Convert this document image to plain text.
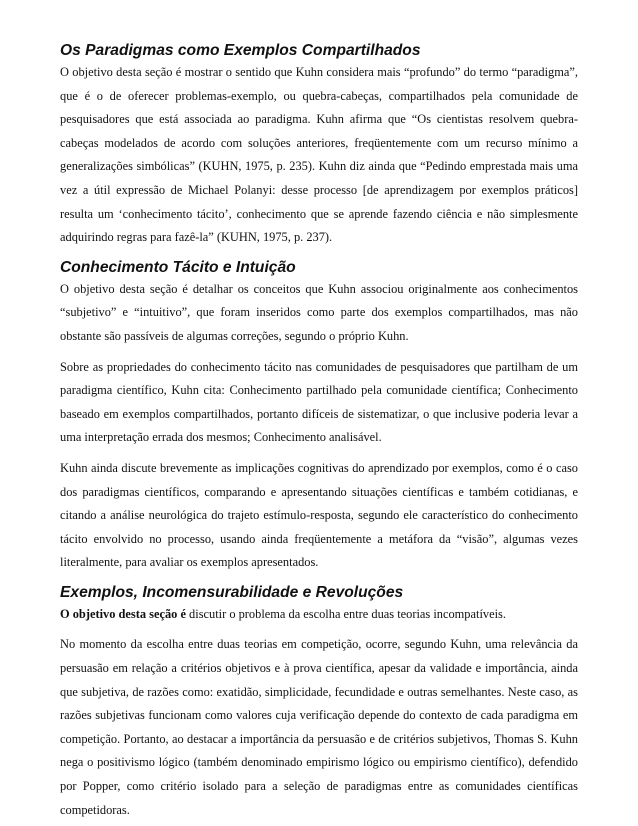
Os Paradigmas como Exemplos Compartilhados

O objetivo desta seção é mostrar o sentido que Kuhn considera mais “profundo” do termo “paradigma”, que é o de oferecer problemas-exemplo, ou quebra-cabeças, compartilhados pela comunidade de pesquisadores que está associada ao paradigma. Kuhn afirma que “Os cientistas resolvem quebra-cabeças modelados de acordo com soluções anteriores, freqüentemente com um recurso mínimo a generalizações simbólicas” (KUHN, 1975, p. 235). Kuhn diz ainda que “Pedindo emprestada mais uma vez a útil expressão de Michael Polanyi: desse processo [de aprendizagem por exemplos práticos] resulta um ‘conhecimento tácito’, conhecimento que se aprende fazendo ciência e não simplesmente adquirindo regras para fazê-la” (KUHN, 1975, p. 237).

Conhecimento Tácito e Intuição

O objetivo desta seção é detalhar os conceitos que Kuhn associou originalmente aos conhecimentos “subjetivo” e “intuitivo”, que foram inseridos como parte dos exemplos compartilhados, mas não obstante são passíveis de algumas correções, segundo o próprio Kuhn.

Sobre as propriedades do conhecimento tácito nas comunidades de pesquisadores que partilham de um paradigma científico, Kuhn cita: Conhecimento partilhado pela comunidade científica; Conhecimento baseado em exemplos compartilhados, portanto difíceis de sistematizar, o que inclusive poderia levar a uma interpretação errada dos mesmos; Conhecimento analisável.

Kuhn ainda discute brevemente as implicações cognitivas do aprendizado por exemplos, como é o caso dos paradigmas científicos, comparando e apresentando situações científicas e também cotidianas, e citando a análise neurológica do trajeto estímulo-resposta, segundo ele característico do conhecimento tácito envolvido no processo, usando ainda freqüentemente a metáfora da “visão”, algumas vezes literalmente, para avaliar os exemplos apresentados.

Exemplos, Incomensurabilidade e Revoluções

O objetivo desta seção é discutir o problema da escolha entre duas teorias incompatíveis.

No momento da escolha entre duas teorias em competição, ocorre, segundo Kuhn, uma relevância da persuasão em relação a critérios objetivos e à prova científica, apesar da validade e importância, ainda que subjetiva, de razões como: exatidão, simplicidade, fecundidade e outras semelhantes. Neste caso, as razões subjetivas funcionam como valores cuja verificação depende do contexto de cada paradigma em competição. Portanto, ao destacar a importância da persuasão e de critérios subjetivos, Thomas S. Kuhn nega o positivismo lógico (também denominado empirismo lógico ou empirismo científico), defendido por Popper, como critério isolado para a seleção de paradigmas entre as comunidades científicas competidoras.
